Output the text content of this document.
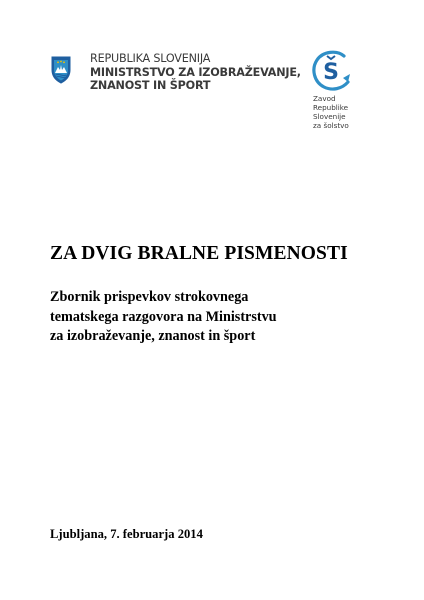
REPUBLIKA SLOVENIJA
MINISTRSTVO ZA IZOBRAŽEVANJE,
ZNANOST IN ŠPORT
S
Zavod
Republike
Slovenije
za šolstvo
ZA DVIG BRALNE PISMENOSTI
Zbornik prispevkov strokovnega
tematskega razgovora na Ministrstvu
za izobraževanje, znanost in šport
Ljubljana, 7. februarja 2014
